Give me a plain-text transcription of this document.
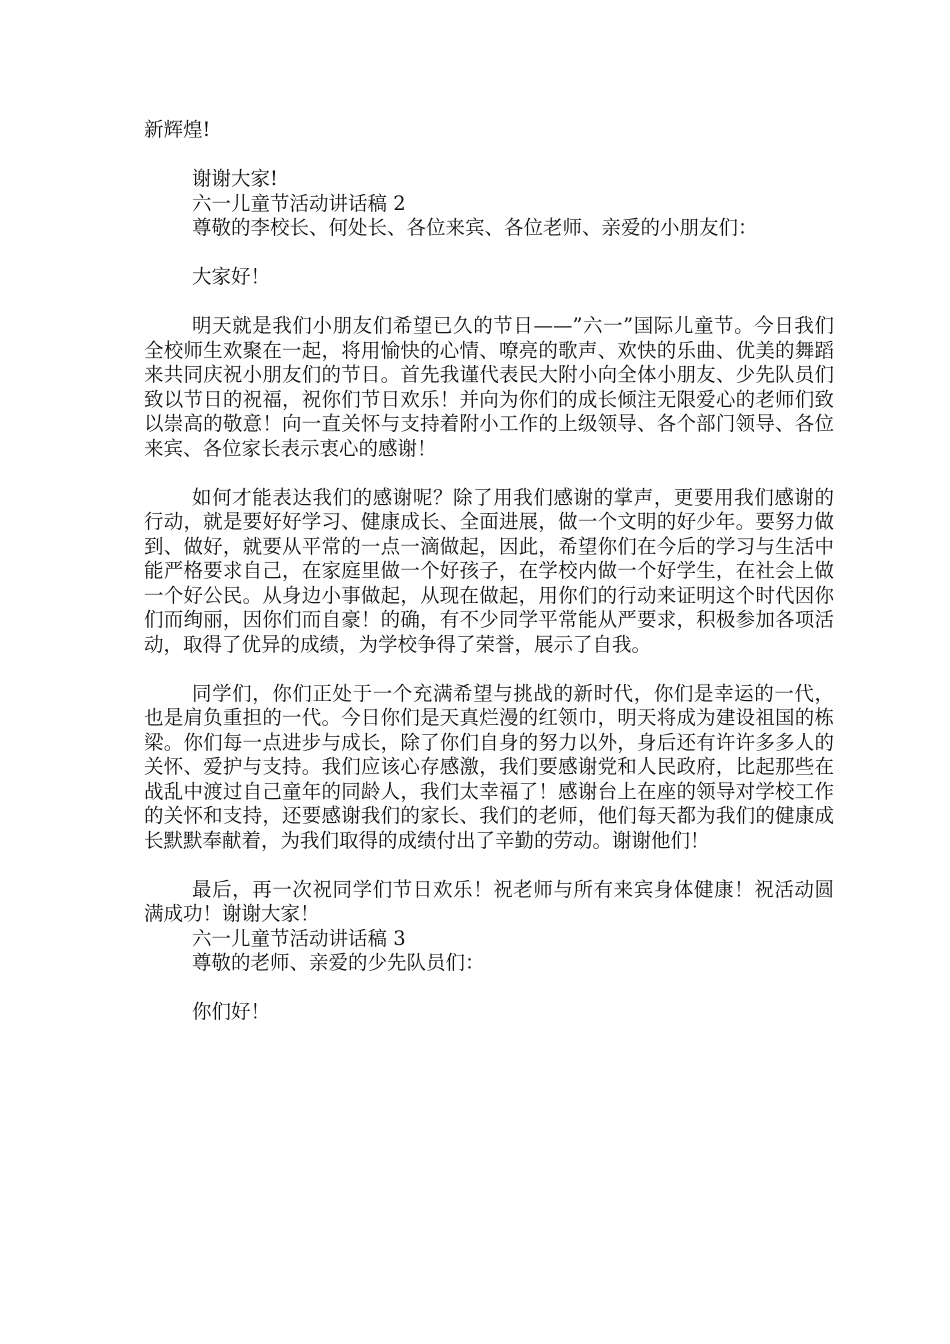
新辉煌!

谢谢大家!

六一儿童节活动讲话稿 2

尊敬的李校长、何处长、各位来宾、各位老师、亲爱的小朋友们：

大家好！

明天就是我们小朋友们希望已久的节日——”六一”国际儿童节。今日我们全校师生欢聚在一起，将用愉快的心情、嘹亮的歌声、欢快的乐曲、优美的舞蹈来共同庆祝小朋友们的节日。首先我谨代表民大附小向全体小朋友、少先队员们致以节日的祝福，祝你们节日欢乐！并向为你们的成长倾注无限爱心的老师们致以崇高的敬意！向一直关怀与支持着附小工作的上级领导、各个部门领导、各位来宾、各位家长表示衷心的感谢！

如何才能表达我们的感谢呢？除了用我们感谢的掌声，更要用我们感谢的行动，就是要好好学习、健康成长、全面进展，做一个文明的好少年。要努力做到、做好，就要从平常的一点一滴做起，因此，希望你们在今后的学习与生活中能严格要求自己，在家庭里做一个好孩子，在学校内做一个好学生，在社会上做一个好公民。从身边小事做起，从现在做起，用你们的行动来证明这个时代因你们而绚丽，因你们而自豪！的确，有不少同学平常能从严要求，积极参加各项活动，取得了优异的成绩，为学校争得了荣誉，展示了自我。

同学们，你们正处于一个充满希望与挑战的新时代，你们是幸运的一代，也是肩负重担的一代。今日你们是天真烂漫的红领巾，明天将成为建设祖国的栋梁。你们每一点进步与成长，除了你们自身的努力以外，身后还有许许多多人的关怀、爱护与支持。我们应该心存感激，我们要感谢党和人民政府，比起那些在战乱中渡过自己童年的同龄人，我们太幸福了！感谢台上在座的领导对学校工作的关怀和支持，还要感谢我们的家长、我们的老师，他们每天都为我们的健康成长默默奉献着，为我们取得的成绩付出了辛勤的劳动。谢谢他们！

最后，再一次祝同学们节日欢乐！祝老师与所有来宾身体健康！祝活动圆满成功！谢谢大家！

六一儿童节活动讲话稿 3

尊敬的老师、亲爱的少先队员们：

你们好！
